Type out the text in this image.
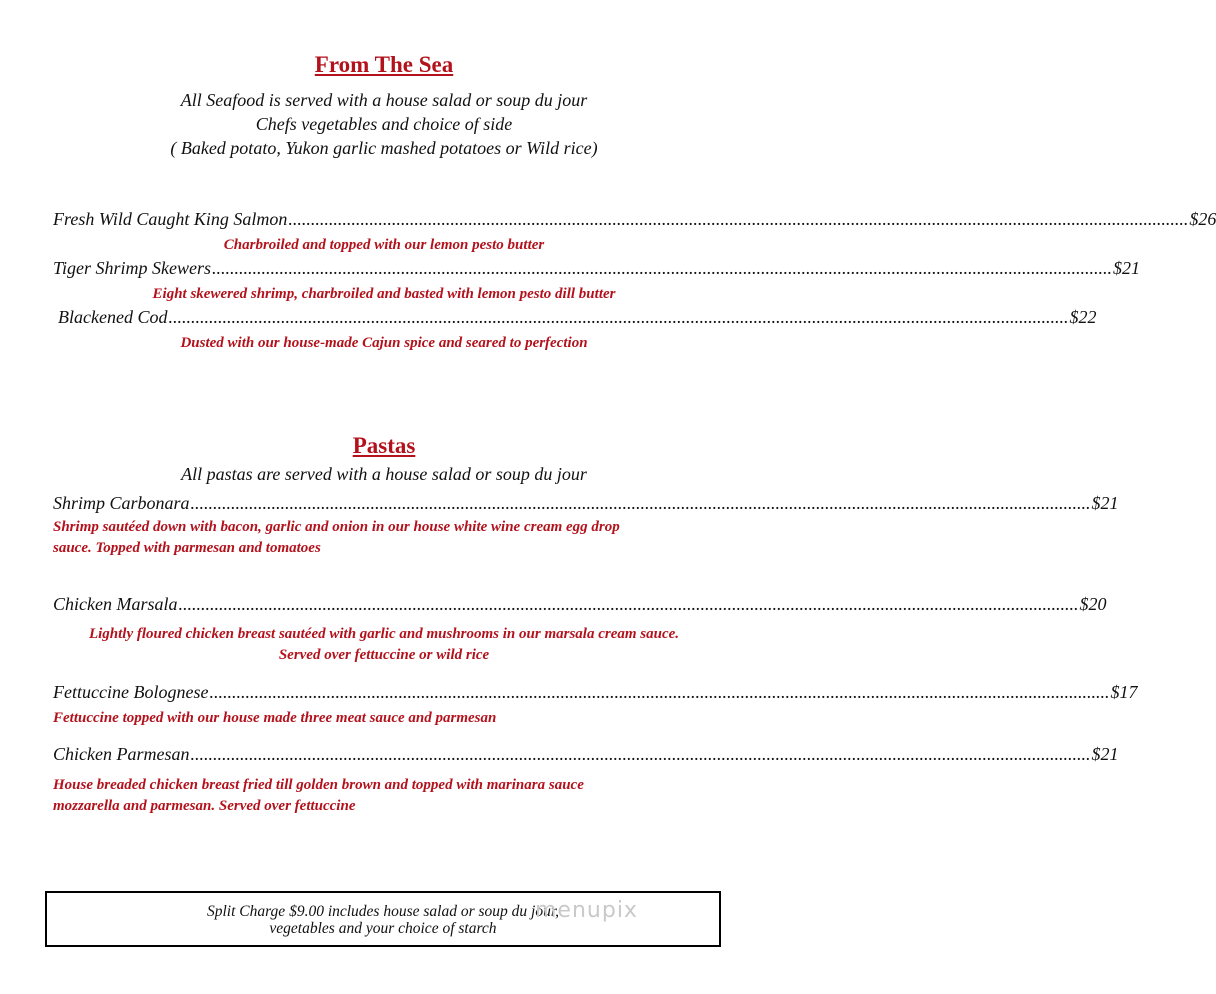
From The Sea
All Seafood is served with a house salad or soup du jour
Chefs vegetables and choice of side
( Baked potato, Yukon garlic mashed potatoes or Wild rice)
Fresh Wild Caught King Salmon ........................................................................................................................................................................................................ $26
Charbroiled and topped with our lemon pesto butter
Tiger Shrimp Skewers ........................................................................................................................................................................................................ $21
Eight skewered shrimp, charbroiled and basted with lemon pesto dill butter
Blackened Cod ........................................................................................................................................................................................................ $22
Dusted with our house-made Cajun spice and seared to perfection
Pastas
All pastas are served with a house salad or soup du jour
Shrimp Carbonara ........................................................................................................................................................................................................ $21
Shrimp sautéed down with bacon, garlic and onion in our house white wine cream egg drop
sauce. Topped with parmesan and tomatoes
Chicken Marsala ........................................................................................................................................................................................................ $20
Lightly floured chicken breast sautéed with garlic and mushrooms in our marsala cream sauce.
Served over fettuccine or wild rice
Fettuccine Bolognese ........................................................................................................................................................................................................ $17
Fettuccine topped with our house made three meat sauce and parmesan
Chicken Parmesan ........................................................................................................................................................................................................ $21
House breaded chicken breast fried till golden brown and topped with marinara sauce
mozzarella and parmesan. Served over fettuccine
Split Charge $9.00 includes house salad or soup du jour,
vegetables and your choice of starch
menupix
